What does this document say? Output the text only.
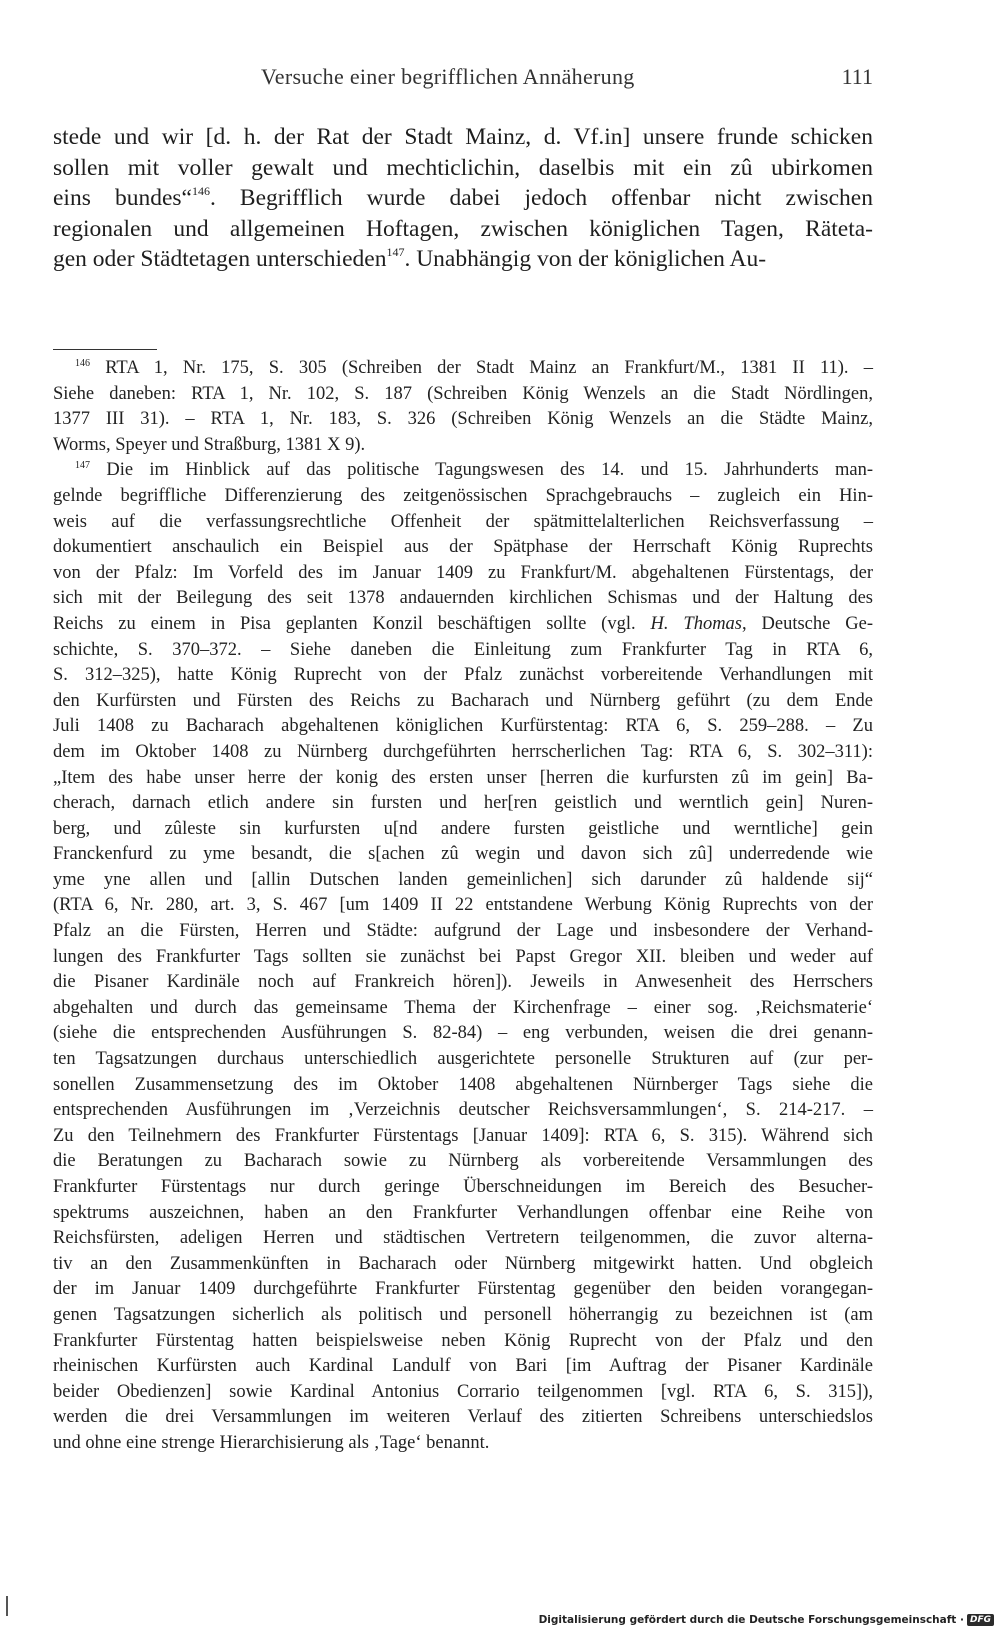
Versuche einer begrifflichen Annäherung	111
stede und wir [d. h. der Rat der Stadt Mainz, d. Vf.in] unsere frunde schicken
sollen mit voller gewalt und mechticlichin, daselbis mit ein zû ubirkomen
eins bundes“$^{146}$. Begrifflich wurde dabei jedoch offenbar nicht zwischen
regionalen und allgemeinen Hoftagen, zwischen königlichen Tagen, Räteta-
gen oder Städtetagen unterschieden$^{147}$. Unabhängig von der königlichen Au-
$^{146}$ RTA 1, Nr. 175, S. 305 (Schreiben der Stadt Mainz an Frankfurt/M., 1381 II 11). –
Siehe daneben: RTA 1, Nr. 102, S. 187 (Schreiben König Wenzels an die Stadt Nördlingen,
1377 III 31). – RTA 1, Nr. 183, S. 326 (Schreiben König Wenzels an die Städte Mainz,
Worms, Speyer und Straßburg, 1381 X 9).
$^{147}$ Die im Hinblick auf das politische Tagungswesen des 14. und 15. Jahrhunderts man-
gelnde begriffliche Differenzierung des zeitgenössischen Sprachgebrauchs – zugleich ein Hin-
weis auf die verfassungsrechtliche Offenheit der spätmittelalterlichen Reichsverfassung –
dokumentiert anschaulich ein Beispiel aus der Spätphase der Herrschaft König Ruprechts
von der Pfalz: Im Vorfeld des im Januar 1409 zu Frankfurt/M. abgehaltenen Fürstentags, der
sich mit der Beilegung des seit 1378 andauernden kirchlichen Schismas und der Haltung des
Reichs zu einem in Pisa geplanten Konzil beschäftigen sollte (vgl. H. Thomas, Deutsche Ge-
schichte, S. 370–372. – Siehe daneben die Einleitung zum Frankfurter Tag in RTA 6,
S. 312–325), hatte König Ruprecht von der Pfalz zunächst vorbereitende Verhandlungen mit
den Kurfürsten und Fürsten des Reichs zu Bacharach und Nürnberg geführt (zu dem Ende
Juli 1408 zu Bacharach abgehaltenen königlichen Kurfürstentag: RTA 6, S. 259–288. – Zu
dem im Oktober 1408 zu Nürnberg durchgeführten herrscherlichen Tag: RTA 6, S. 302–311):
„Item des habe unser herre der konig des ersten unser [herren die kurfursten zû im gein] Ba-
cherach, darnach etlich andere sin fursten und her[ren geistlich und werntlich gein] Nuren-
berg, und zûleste sin kurfursten u[nd andere fursten geistliche und werntliche] gein
Franckenfurd zu yme besandt, die s[achen zû wegin und davon sich zû] underredende wie
yme yne allen und [allin Dutschen landen gemeinlichen] sich darunder zû haldende sij“
(RTA 6, Nr. 280, art. 3, S. 467 [um 1409 II 22 entstandene Werbung König Ruprechts von der
Pfalz an die Fürsten, Herren und Städte: aufgrund der Lage und insbesondere der Verhand-
lungen des Frankfurter Tags sollten sie zunächst bei Papst Gregor XII. bleiben und weder auf
die Pisaner Kardinäle noch auf Frankreich hören]). Jeweils in Anwesenheit des Herrschers
abgehalten und durch das gemeinsame Thema der Kirchenfrage – einer sog. ‚Reichsmaterie‘
(siehe die entsprechenden Ausführungen S. 82-84) – eng verbunden, weisen die drei genann-
ten Tagsatzungen durchaus unterschiedlich ausgerichtete personelle Strukturen auf (zur per-
sonellen Zusammensetzung des im Oktober 1408 abgehaltenen Nürnberger Tags siehe die
entsprechenden Ausführungen im ‚Verzeichnis deutscher Reichsversammlungen‘, S. 214-217. –
Zu den Teilnehmern des Frankfurter Fürstentags [Januar 1409]: RTA 6, S. 315). Während sich
die Beratungen zu Bacharach sowie zu Nürnberg als vorbereitende Versammlungen des
Frankfurter Fürstentags nur durch geringe Überschneidungen im Bereich des Besucher-
spektrums auszeichnen, haben an den Frankfurter Verhandlungen offenbar eine Reihe von
Reichsfürsten, adeligen Herren und städtischen Vertretern teilgenommen, die zuvor alterna-
tiv an den Zusammenkünften in Bacharach oder Nürnberg mitgewirkt hatten. Und obgleich
der im Januar 1409 durchgeführte Frankfurter Fürstentag gegenüber den beiden vorangegan-
genen Tagsatzungen sicherlich als politisch und personell höherrangig zu bezeichnen ist (am
Frankfurter Fürstentag hatten beispielsweise neben König Ruprecht von der Pfalz und den
rheinischen Kurfürsten auch Kardinal Landulf von Bari [im Auftrag der Pisaner Kardinäle
beider Obedienzen] sowie Kardinal Antonius Corrario teilgenommen [vgl. RTA 6, S. 315]),
werden die drei Versammlungen im weiteren Verlauf des zitierten Schreibens unterschiedslos
und ohne eine strenge Hierarchisierung als ‚Tage‘ benannt.
Digitalisierung gefördert durch die Deutsche Forschungsgemeinschaft · DFG
